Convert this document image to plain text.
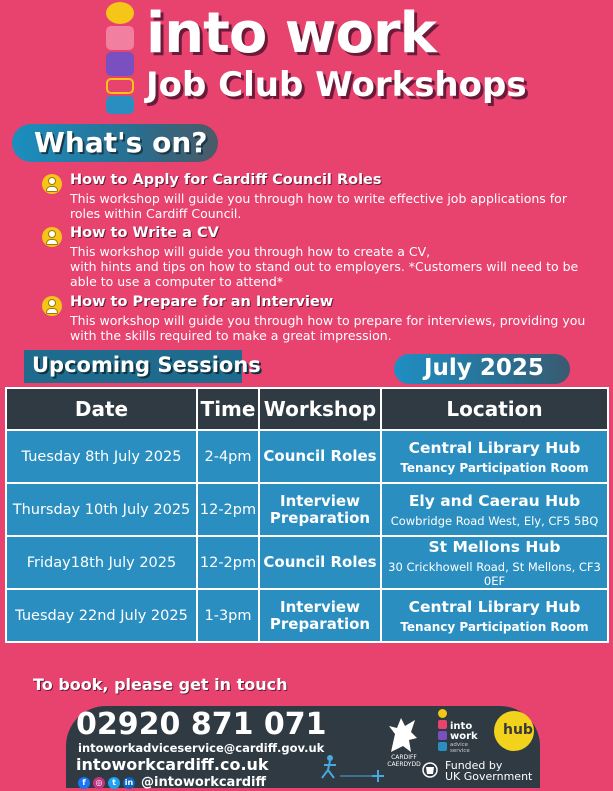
into work
Job Club Workshops
What's on?
How to Apply for Cardiff Council Roles
This workshop will guide you through how to write effective job applications for
roles within Cardiff Council.
How to Write a CV
This workshop will guide you through how to create a CV,
with hints and tips on how to stand out to employers. *Customers will need to be
able to use a computer to attend*
How to Prepare for an Interview
This workshop will guide you through how to prepare for interviews, providing you
with the skills required to make a great impression.
Upcoming Sessions	July 2025
Date	Time	Workshop	Location
Tuesday 8th July 2025	2-4pm	Council Roles	Central Library Hub
Tenancy Participation Room

Thursday 10th July 2025	12-2pm	Interview Preparation	Ely and Caerau Hub
Cowbridge Road West, Ely, CF5 5BQ

Friday18th July 2025	12-2pm	Council Roles	St Mellons Hub
30 Crickhowell Road, St Mellons, CF3 0EF

Tuesday 22nd July 2025	1-3pm	Interview Preparation	Central Library Hub
Tenancy Participation Room
To book, please get in touch
02920 871 071
intoworkadviceservice@cardiff.gov.uk
intoworkcardiff.co.uk
f ◎ t in @intoworkcardiff
CARDIFF
CAERDYDD
into
work
advice
service
hub
Funded by
UK Government
